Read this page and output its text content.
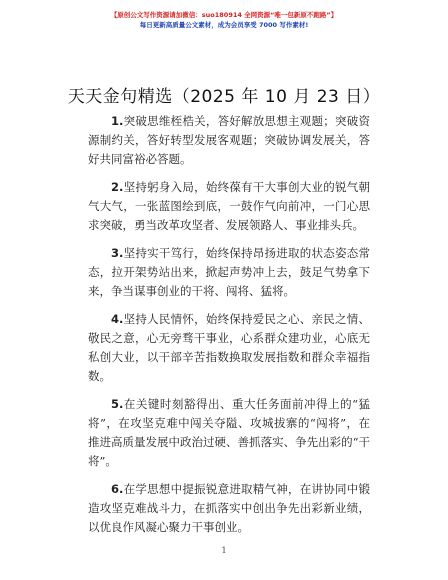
【原创公文写作资源请加微信：suo180914 全网资源“唯一包新原不跑路”】
每日更新高质量公文素材，成为会员享受 7000 写作素材!
天天金句精选（2025 年 10 月 23 日）

1.突破思维桎梏关，答好解放思想主观题；突破资源制约关，答好转型发展客观题；突破协调发展关，答好共同富裕必答题。

2.坚持躬身入局，始终葆有干大事创大业的锐气朝气大气，一张蓝图绘到底，一鼓作气向前冲，一门心思求突破，勇当改革攻坚者、发展领路人、事业排头兵。

3.坚持实干笃行，始终保持昂扬进取的状态姿态常态，拉开架势站出来，掀起声势冲上去，鼓足气势拿下来，争当谋事创业的干将、闯将、猛将。

4.坚持人民情怀，始终保持爱民之心、亲民之情、敬民之意，心无旁骛干事业，心系群众建功业，心底无私创大业，以干部辛苦指数换取发展指数和群众幸福指数。

5.在关键时刻豁得出、重大任务面前冲得上的“猛将”，在攻坚克难中闯关夺隘、攻城拔寨的“闯将”，在推进高质量发展中政治过硬、善抓落实、争先出彩的“干将”。

6.在学思想中提振锐意进取精气神，在讲协同中锻造攻坚克难战斗力，在抓落实中创出争先出彩新业绩，以优良作风凝心聚力干事创业。

1
